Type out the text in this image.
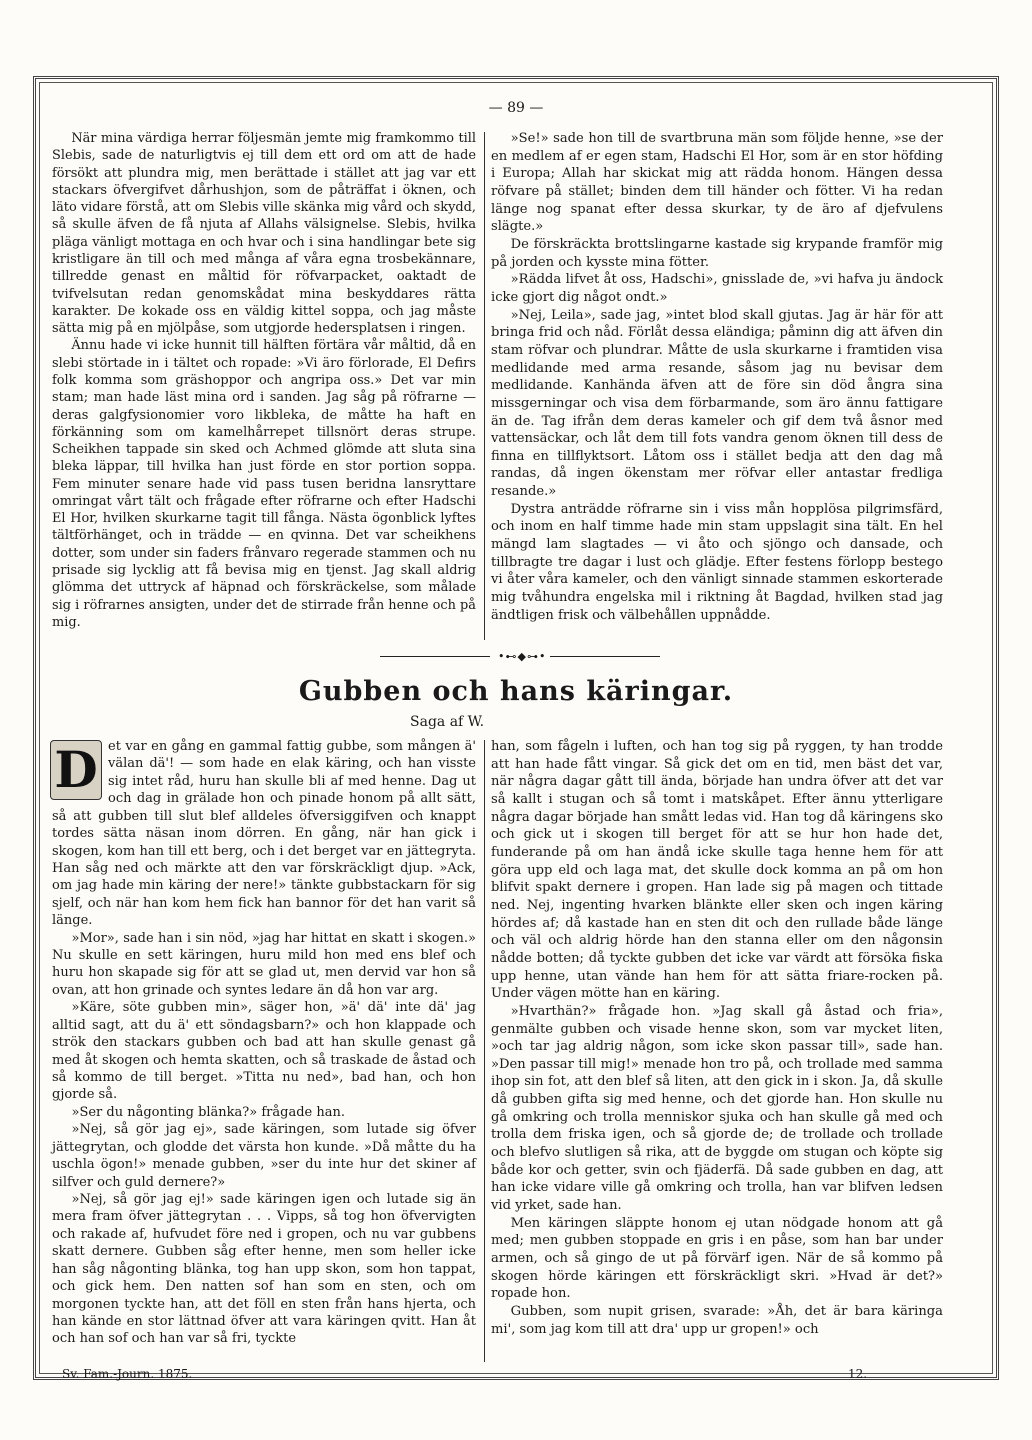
— 89 —

När mina värdiga herrar följesmän jemte mig framkommo till Slebis, sade de naturligtvis ej till dem ett ord om att de hade försökt att plundra mig, men berättade i stället att jag var ett stackars öfvergifvet dårhushjon, som de påträffat i öknen, och läto vidare förstå, att om Slebis ville skänka mig vård och skydd, så skulle äfven de få njuta af Allahs välsignelse. Slebis, hvilka pläga vänligt mottaga en och hvar och i sina handlingar bete sig kristligare än till och med många af våra egna trosbekännare, tillredde genast en måltid för röfvarpacket, oaktadt de tvifvelsutan redan genomskådat mina beskyddares rätta karakter. De kokade oss en väldig kittel soppa, och jag måste sätta mig på en mjölpåse, som utgjorde hedersplatsen i ringen.

Ännu hade vi icke hunnit till hälften förtära vår måltid, då en slebi störtade in i tältet och ropade: »Vi äro förlorade, El Defirs folk komma som gräshoppor och angripa oss.» Det var min stam; man hade läst mina ord i sanden. Jag såg på röfrarne — deras galgfysionomier voro likbleka, de måtte ha haft en förkänning som om kamelhårrepet tillsnört deras strupe. Scheikhen tappade sin sked och Achmed glömde att sluta sina bleka läppar, till hvilka han just förde en stor portion soppa. Fem minuter senare hade vid pass tusen beridna lansryttare omringat vårt tält och frågade efter röfrarne och efter Hadschi El Hor, hvilken skurkarne tagit till fånga. Nästa ögonblick lyftes tältförhänget, och in trädde — en qvinna. Det var scheikhens dotter, som under sin faders frånvaro regerade stammen och nu prisade sig lycklig att få bevisa mig en tjenst. Jag skall aldrig glömma det uttryck af häpnad och förskräckelse, som målade sig i röfrarnes ansigten, under det de stirrade från henne och på mig.

»Se!» sade hon till de svartbruna män som följde henne, »se der en medlem af er egen stam, Hadschi El Hor, som är en stor höfding i Europa; Allah har skickat mig att rädda honom. Hängen dessa röfvare på stället; binden dem till händer och fötter. Vi ha redan länge nog spanat efter dessa skurkar, ty de äro af djefvulens slägte.»

De förskräckta brottslingarne kastade sig krypande framför mig på jorden och kysste mina fötter.

»Rädda lifvet åt oss, Hadschi», gnisslade de, »vi hafva ju ändock icke gjort dig något ondt.»

»Nej, Leila», sade jag, »intet blod skall gjutas. Jag är här för att bringa frid och nåd. Förlåt dessa eländiga; påminn dig att äfven din stam röfvar och plundrar. Måtte de usla skurkarne i framtiden visa medlidande med arma resande, såsom jag nu bevisar dem medlidande. Kanhända äfven att de före sin död ångra sina missgerningar och visa dem förbarmande, som äro ännu fattigare än de. Tag ifrån dem deras kameler och gif dem två åsnor med vattensäckar, och låt dem till fots vandra genom öknen till dess de finna en tillflyktsort. Låtom oss i stället bedja att den dag må randas, då ingen ökenstam mer röfvar eller antastar fredliga resande.»

Dystra anträdde röfrarne sin i viss mån hopplösa pilgrimsfärd, och inom en half timme hade min stam uppslagit sina tält. En hel mängd lam slagtades — vi åto och sjöngo och dansade, och tillbragte tre dagar i lust och glädje. Efter festens förlopp bestego vi åter våra kameler, och den vänligt sinnade stammen eskorterade mig tvåhundra engelska mil i riktning åt Bagdad, hvilken stad jag ändtligen frisk och välbehållen uppnådde.

•⊷◆⊶•
Gubben och hans käringar.
Saga af W.

D et var en gång en gammal fattig gubbe, som mången ä' välan dä'! — som hade en elak käring, och han visste sig intet råd, huru han skulle bli af med henne. Dag ut och dag in grälade hon och pinade honom på allt sätt, så att gubben till slut blef alldeles öfversiggifven och knappt tordes sätta näsan inom dörren. En gång, när han gick i skogen, kom han till ett berg, och i det berget var en jättegryta. Han såg ned och märkte att den var förskräckligt djup. »Ack, om jag hade min käring der nere!» tänkte gubbstackarn för sig sjelf, och när han kom hem fick han bannor för det han varit så länge.

»Mor», sade han i sin nöd, »jag har hittat en skatt i skogen.» Nu skulle en sett käringen, huru mild hon med ens blef och huru hon skapade sig för att se glad ut, men dervid var hon så ovan, att hon grinade och syntes ledare än då hon var arg.

»Käre, söte gubben min», säger hon, »ä' dä' inte dä' jag alltid sagt, att du ä' ett söndagsbarn?» och hon klappade och strök den stackars gubben och bad att han skulle genast gå med åt skogen och hemta skatten, och så traskade de åstad och så kommo de till berget. »Titta nu ned», bad han, och hon gjorde så.

»Ser du någonting blänka?» frågade han.

»Nej, så gör jag ej», sade käringen, som lutade sig öfver jättegrytan, och glodde det värsta hon kunde. »Då måtte du ha uschla ögon!» menade gubben, »ser du inte hur det skiner af silfver och guld dernere?»

»Nej, så gör jag ej!» sade käringen igen och lutade sig än mera fram öfver jättegrytan . . . Vipps, så tog hon öfvervigten och rakade af, hufvudet före ned i gropen, och nu var gubbens skatt dernere. Gubben såg efter henne, men som heller icke han såg någonting blänka, tog han upp skon, som hon tappat, och gick hem. Den natten sof han som en sten, och om morgonen tyckte han, att det föll en sten från hans hjerta, och han kände en stor lättnad öfver att vara käringen qvitt. Han åt och han sof och han var så fri, tyckte

han, som fågeln i luften, och han tog sig på ryggen, ty han trodde att han hade fått vingar. Så gick det om en tid, men bäst det var, när några dagar gått till ända, började han undra öfver att det var så kallt i stugan och så tomt i matskåpet. Efter ännu ytterligare några dagar började han smått ledas vid. Han tog då käringens sko och gick ut i skogen till berget för att se hur hon hade det, funderande på om han ändå icke skulle taga henne hem för att göra upp eld och laga mat, det skulle dock komma an på om hon blifvit spakt dernere i gropen. Han lade sig på magen och tittade ned. Nej, ingenting hvarken blänkte eller sken och ingen käring hördes af; då kastade han en sten dit och den rullade både länge och väl och aldrig hörde han den stanna eller om den någonsin nådde botten; då tyckte gubben det icke var värdt att försöka fiska upp henne, utan vände han hem för att sätta friare-rocken på. Under vägen mötte han en käring.

»Hvarthän?» frågade hon. »Jag skall gå åstad och fria», genmälte gubben och visade henne skon, som var mycket liten, »och tar jag aldrig någon, som icke skon passar till», sade han. »Den passar till mig!» menade hon tro på, och trollade med samma ihop sin fot, att den blef så liten, att den gick in i skon. Ja, då skulle då gubben gifta sig med henne, och det gjorde han. Hon skulle nu gå omkring och trolla menniskor sjuka och han skulle gå med och trolla dem friska igen, och så gjorde de; de trollade och trollade och blefvo slutligen så rika, att de byggde om stugan och köpte sig både kor och getter, svin och fjäderfä. Då sade gubben en dag, att han icke vidare ville gå omkring och trolla, han var blifven ledsen vid yrket, sade han.

Men käringen släppte honom ej utan nödgade honom att gå med; men gubben stoppade en gris i en påse, som han bar under armen, och så gingo de ut på förvärf igen. När de så kommo på skogen hörde käringen ett förskräckligt skri. »Hvad är det?» ropade hon.

Gubben, som nupit grisen, svarade: »Åh, det är bara käringa mi', som jag kom till att dra' upp ur gropen!» och

Sv. Fam.-Journ. 1875.	12.
